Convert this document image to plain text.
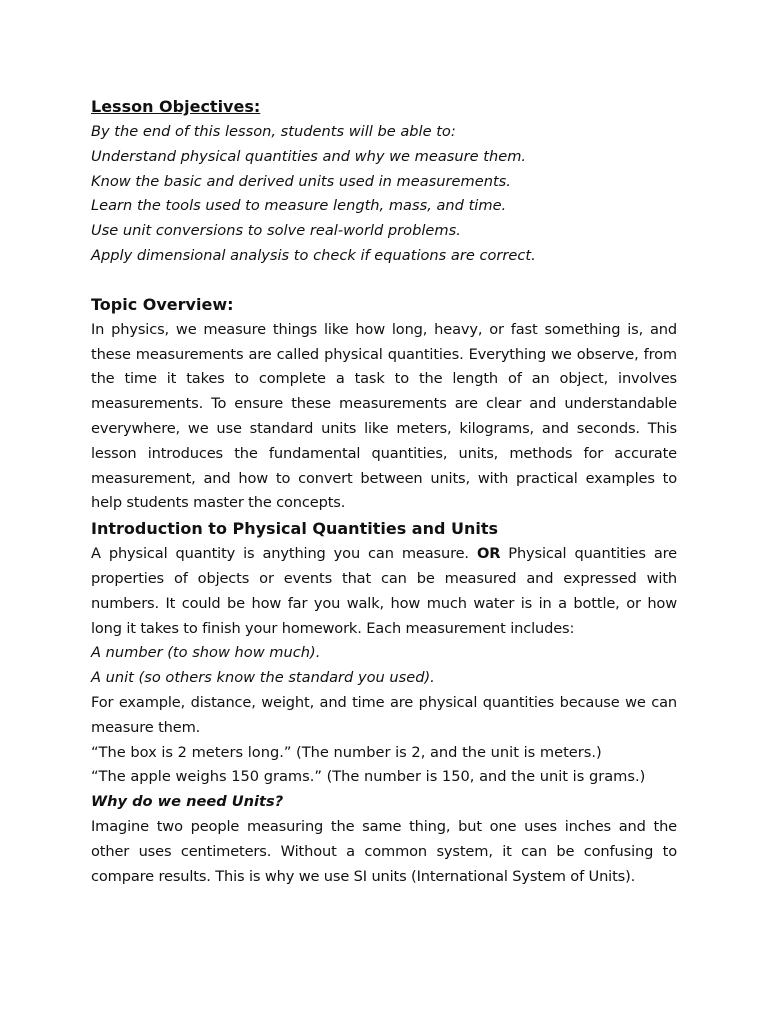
Lesson Objectives:
By the end of this lesson, students will be able to:
Understand physical quantities and why we measure them.
Know the basic and derived units used in measurements.
Learn the tools used to measure length, mass, and time.
Use unit conversions to solve real-world problems.
Apply dimensional analysis to check if equations are correct.
Topic Overview:
In physics, we measure things like how long, heavy, or fast something is, and these measurements are called physical quantities. Everything we observe, from the time it takes to complete a task to the length of an object, involves measurements. To ensure these measurements are clear and understandable everywhere, we use standard units like meters, kilograms, and seconds. This lesson introduces the fundamental quantities, units, methods for accurate measurement, and how to convert between units, with practical examples to help students master the concepts.
Introduction to Physical Quantities and Units
A physical quantity is anything you can measure. OR Physical quantities are properties of objects or events that can be measured and expressed with numbers. It could be how far you walk, how much water is in a bottle, or how long it takes to finish your homework. Each measurement includes:
A number (to show how much).
A unit (so others know the standard you used).
For example, distance, weight, and time are physical quantities because we can measure them.
“The box is 2 meters long.” (The number is 2, and the unit is meters.)
“The apple weighs 150 grams.” (The number is 150, and the unit is grams.)
Why do we need Units?
Imagine two people measuring the same thing, but one uses inches and the other uses centimeters. Without a common system, it can be confusing to compare results. This is why we use SI units (International System of Units).
